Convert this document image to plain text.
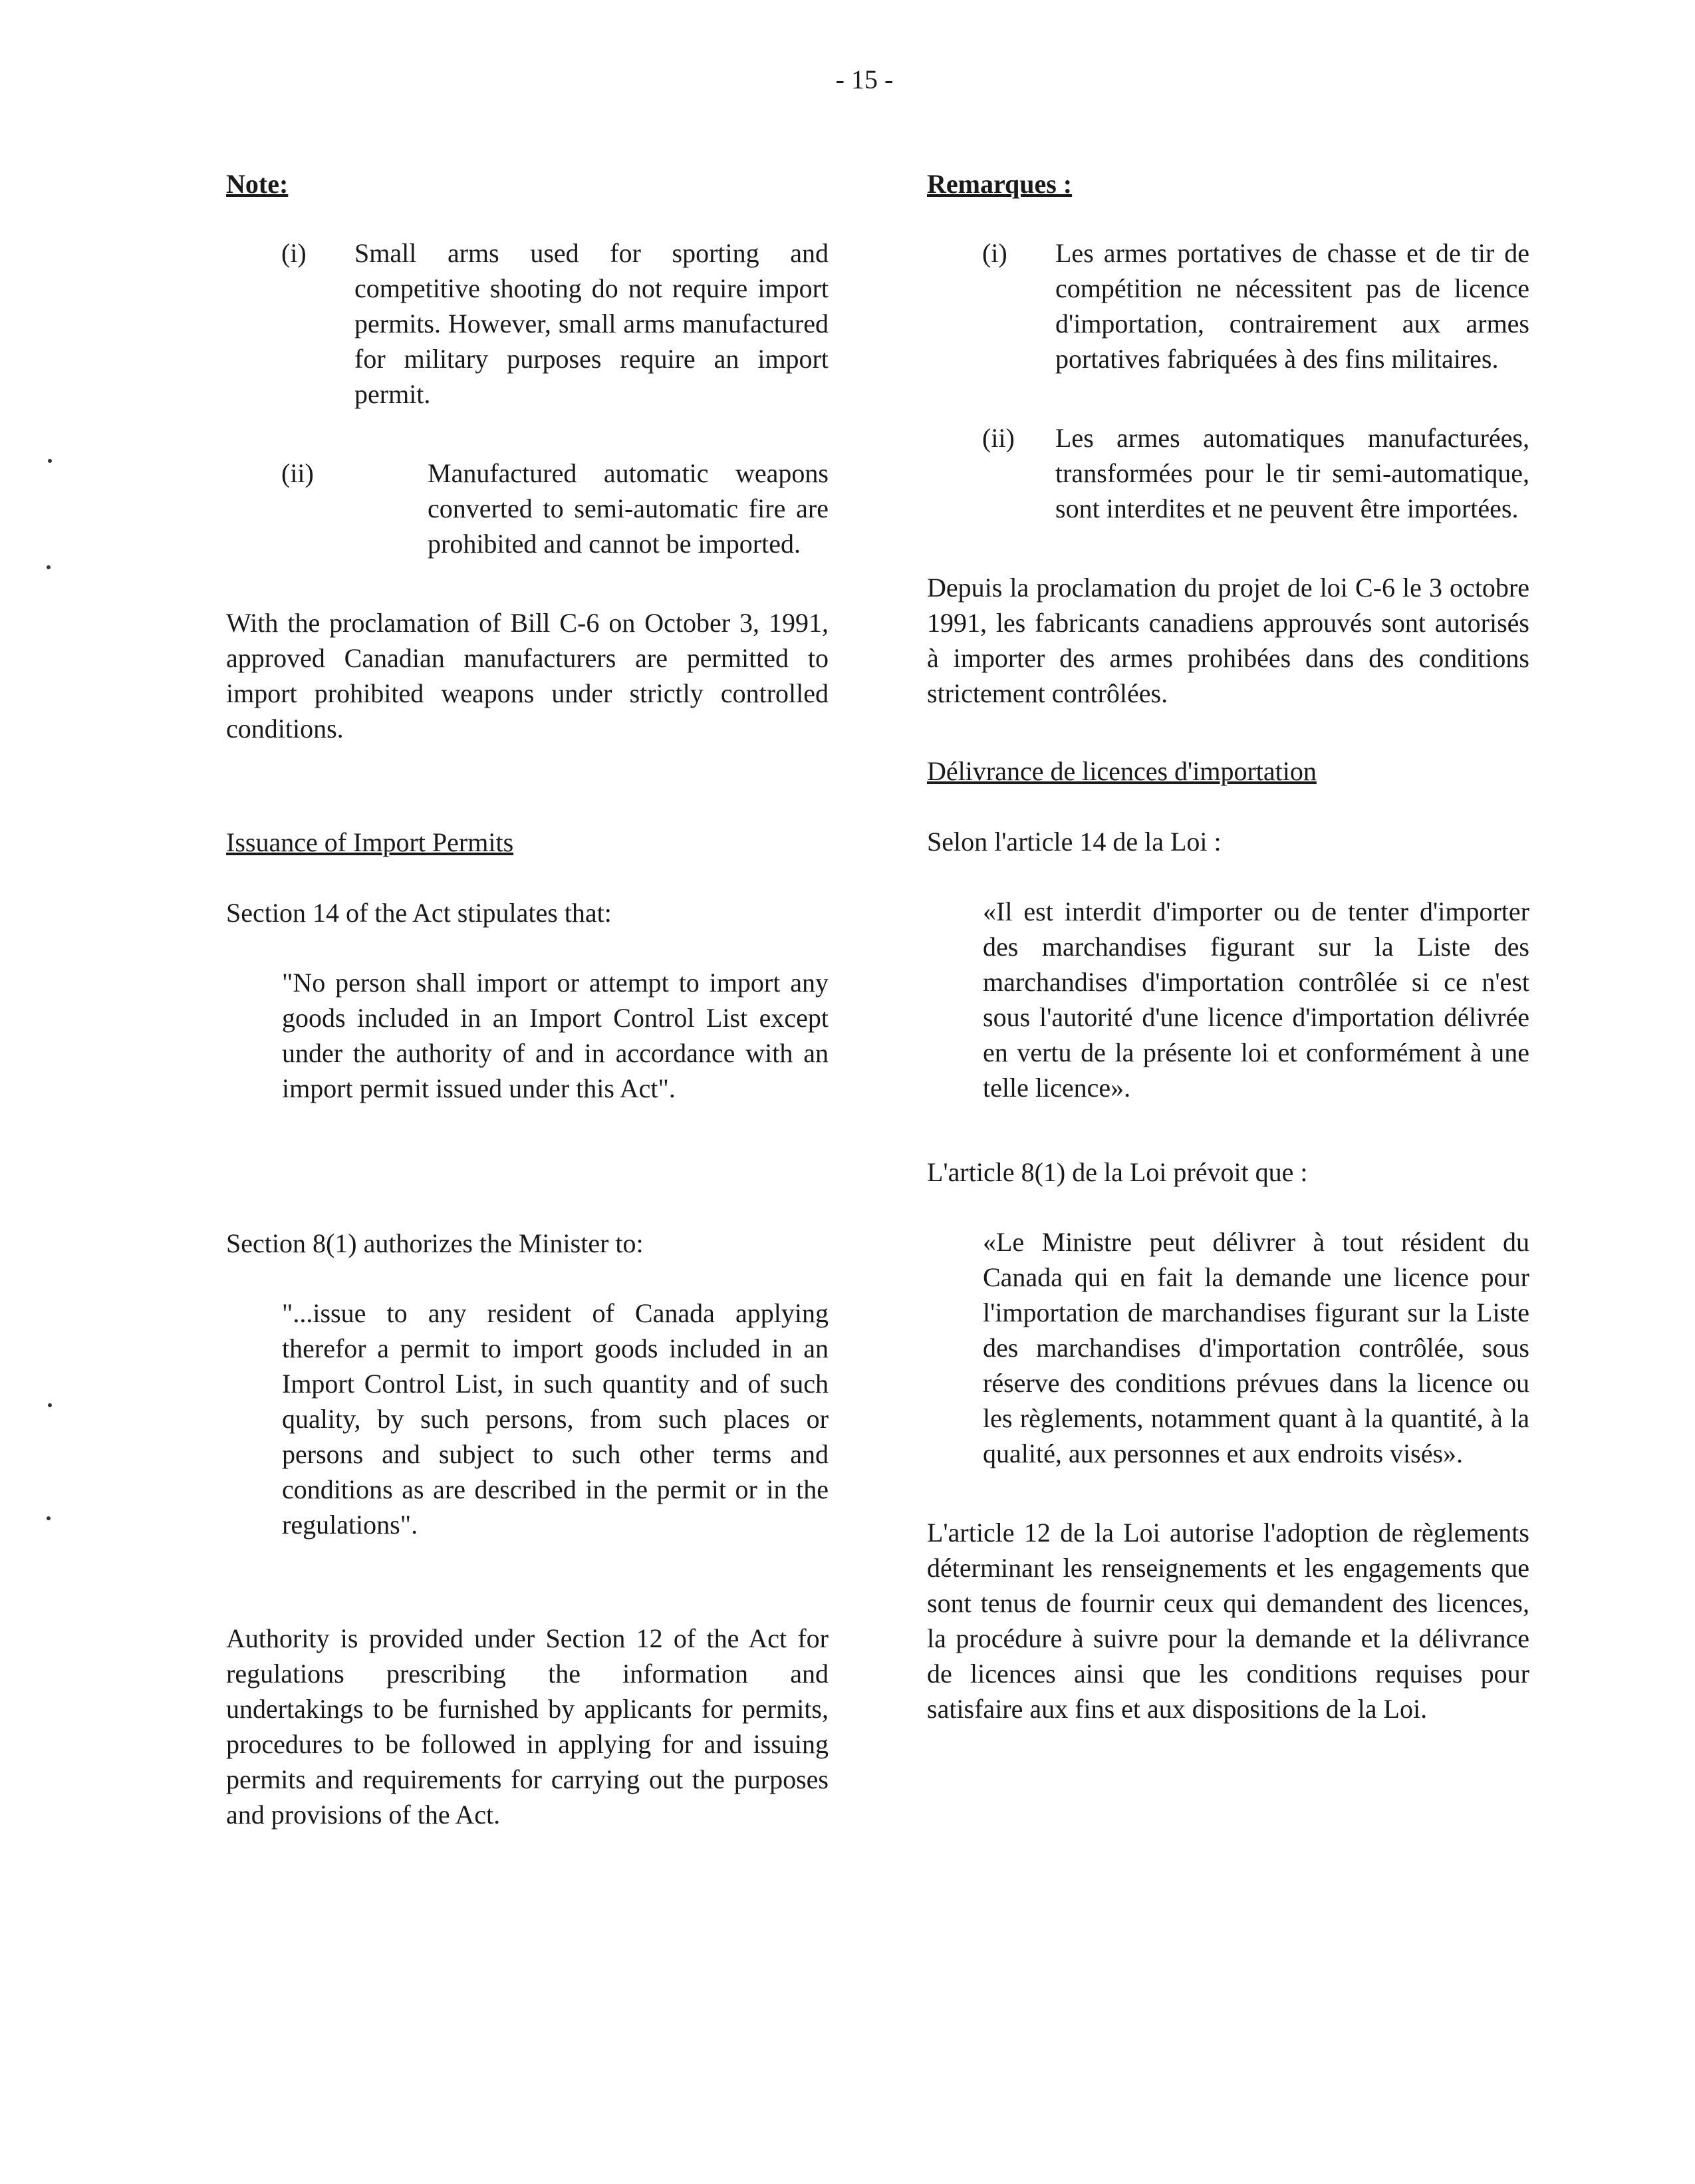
- 15 -
Note:
(i)	Small arms used for sporting and competitive shooting do not require import permits. However, small arms manufactured for military purposes require an import permit.
(ii)	Manufactured automatic weapons converted to semi-automatic fire are prohibited and cannot be imported.

With the proclamation of Bill C-6 on October 3, 1991, approved Canadian manufacturers are permitted to import prohibited weapons under strictly controlled conditions.

Issuance of Import Permits

Section 14 of the Act stipulates that:

"No person shall import or attempt to import any goods included in an Import Control List except under the authority of and in accordance with an import permit issued under this Act".

Section 8(1) authorizes the Minister to:

"...issue to any resident of Canada applying therefor a permit to import goods included in an Import Control List, in such quantity and of such quality, by such persons, from such places or persons and subject to such other terms and conditions as are described in the permit or in the regulations".

Authority is provided under Section 12 of the Act for regulations prescribing the information and undertakings to be furnished by applicants for permits, procedures to be followed in applying for and issuing permits and requirements for carrying out the purposes and provisions of the Act.

Remarques :
(i)	Les armes portatives de chasse et de tir de compétition ne nécessitent pas de licence d'importation, contrairement aux armes portatives fabriquées à des fins militaires.
(ii)	Les armes automatiques manufacturées, transformées pour le tir semi-automatique, sont interdites et ne peuvent être importées.

Depuis la proclamation du projet de loi C-6 le 3 octobre 1991, les fabricants canadiens approuvés sont autorisés à importer des armes prohibées dans des conditions strictement contrôlées.

Délivrance de licences d'importation

Selon l'article 14 de la Loi :

«Il est interdit d'importer ou de tenter d'importer des marchandises figurant sur la Liste des marchandises d'importation contrôlée si ce n'est sous l'autorité d'une licence d'importation délivrée en vertu de la présente loi et conformément à une telle licence».

L'article 8(1) de la Loi prévoit que :

«Le Ministre peut délivrer à tout résident du Canada qui en fait la demande une licence pour l'importation de marchandises figurant sur la Liste des marchandises d'importation contrôlée, sous réserve des conditions prévues dans la licence ou les règlements, notamment quant à la quantité, à la qualité, aux personnes et aux endroits visés».

L'article 12 de la Loi autorise l'adoption de règlements déterminant les renseignements et les engagements que sont tenus de fournir ceux qui demandent des licences, la procédure à suivre pour la demande et la délivrance de licences ainsi que les conditions requises pour satisfaire aux fins et aux dispositions de la Loi.
